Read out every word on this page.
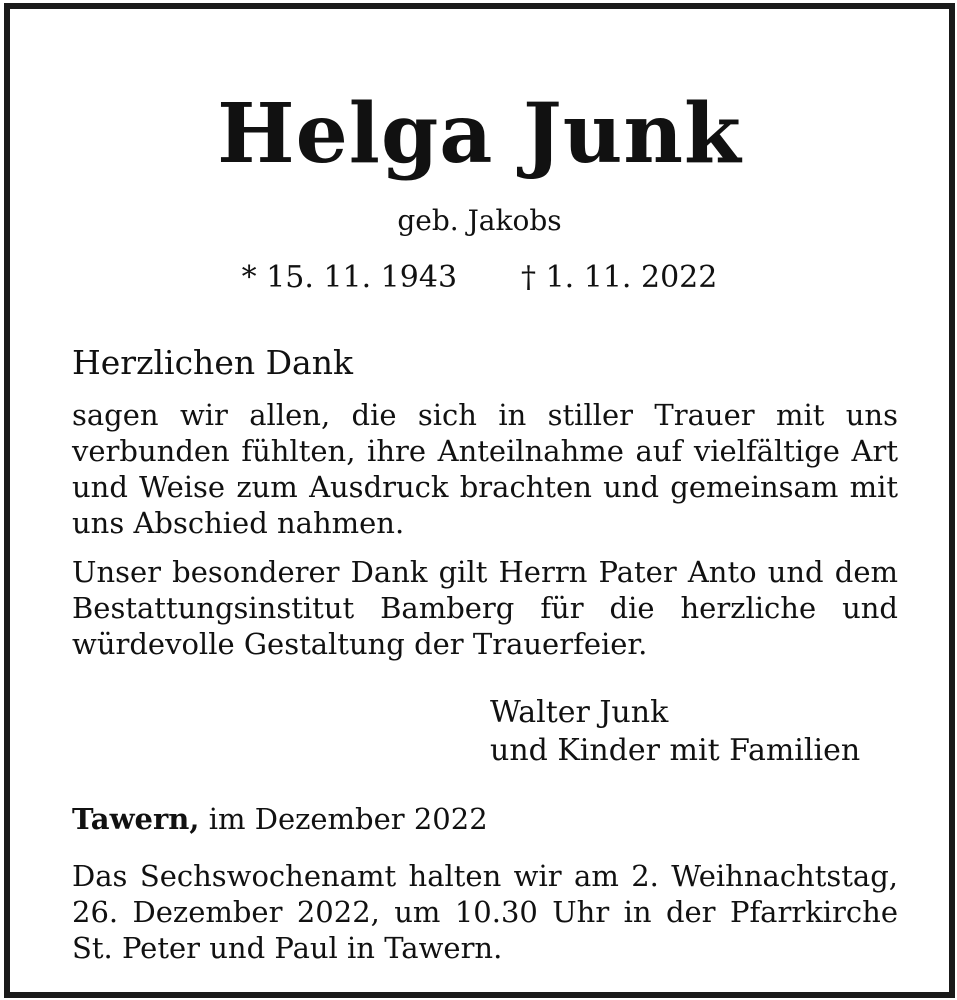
Helga Junk
geb. Jakobs
* 15. 11. 1943 † 1. 11. 2022
Herzlichen Dank
sagen wir allen, die sich in stiller Trauer mit uns verbunden fühlten, ihre Anteilnahme auf vielfältige Art und Weise zum Ausdruck brachten und gemeinsam mit uns Abschied nahmen.
Unser besonderer Dank gilt Herrn Pater Anto und dem Bestattungsinstitut Bamberg für die herzliche und würdevolle Gestaltung der Trauerfeier.
Walter Junk
und Kinder mit Familien
Tawern, im Dezember 2022
Das Sechswochenamt halten wir am 2. Weihnachtstag, 26. Dezember 2022, um 10.30 Uhr in der Pfarrkirche St. Peter und Paul in Tawern.
